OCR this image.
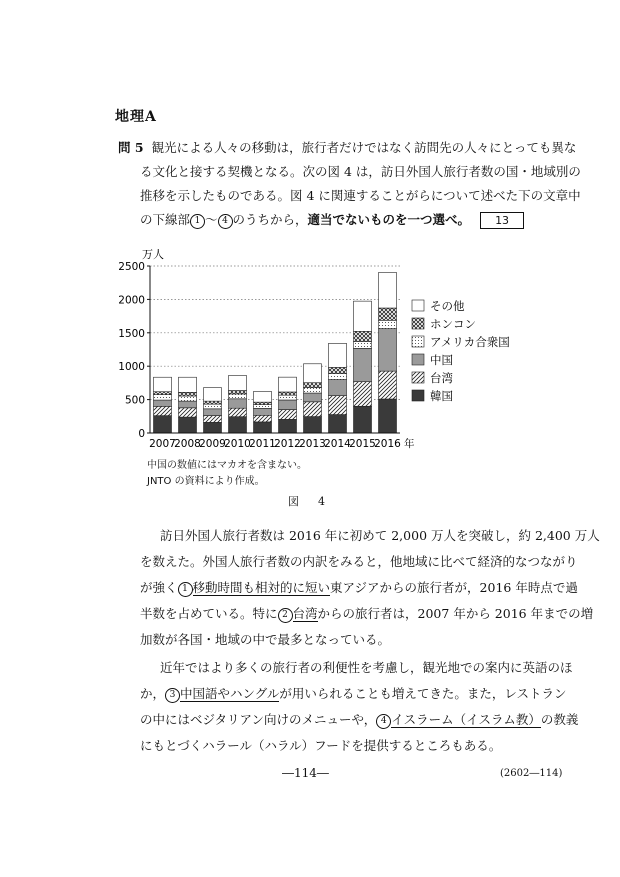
地理A
問 5 観光による人々の移動は，旅行者だけではなく訪問先の人々にとっても異な
る文化と接する契機となる。次の図 4 は，訪日外国人旅行者数の国・地域別の
推移を示したものである。図 4 に関連することがらについて述べた下の文章中
の下線部 1 ～ 4 のうちから，適当でないものを一つ選べ。 13
万人
0
500
1000
1500
2000
2500
2007
2008
2009
2010
2011
2012
2013
2014
2015
2016 年
その他
ホンコン
アメリカ合衆国
中国
台湾
韓国
中国の数値にはマカオを含まない。
JNTO の資料により作成。
図　4
訪日外国人旅行者数は 2016 年に初めて 2,000 万人を突破し，約 2,400 万人
を数えた。外国人旅行者数の内訳をみると，他地域に比べて経済的なつながり
が強く 1 移動時間も相対的に短い東アジアからの旅行者が，2016 年時点で過
半数を占めている。特に 2 台湾からの旅行者は，2007 年から 2016 年までの増
加数が各国・地域の中で最多となっている。
近年ではより多くの旅行者の利便性を考慮し，観光地での案内に英語のほ
か， 3 中国語やハングルが用いられることも増えてきた。また，レストラン
の中にはベジタリアン向けのメニューや， 4 イスラーム（イスラム教）の教義
にもとづくハラール（ハラル）フードを提供するところもある。
―114―	(2602―114)
